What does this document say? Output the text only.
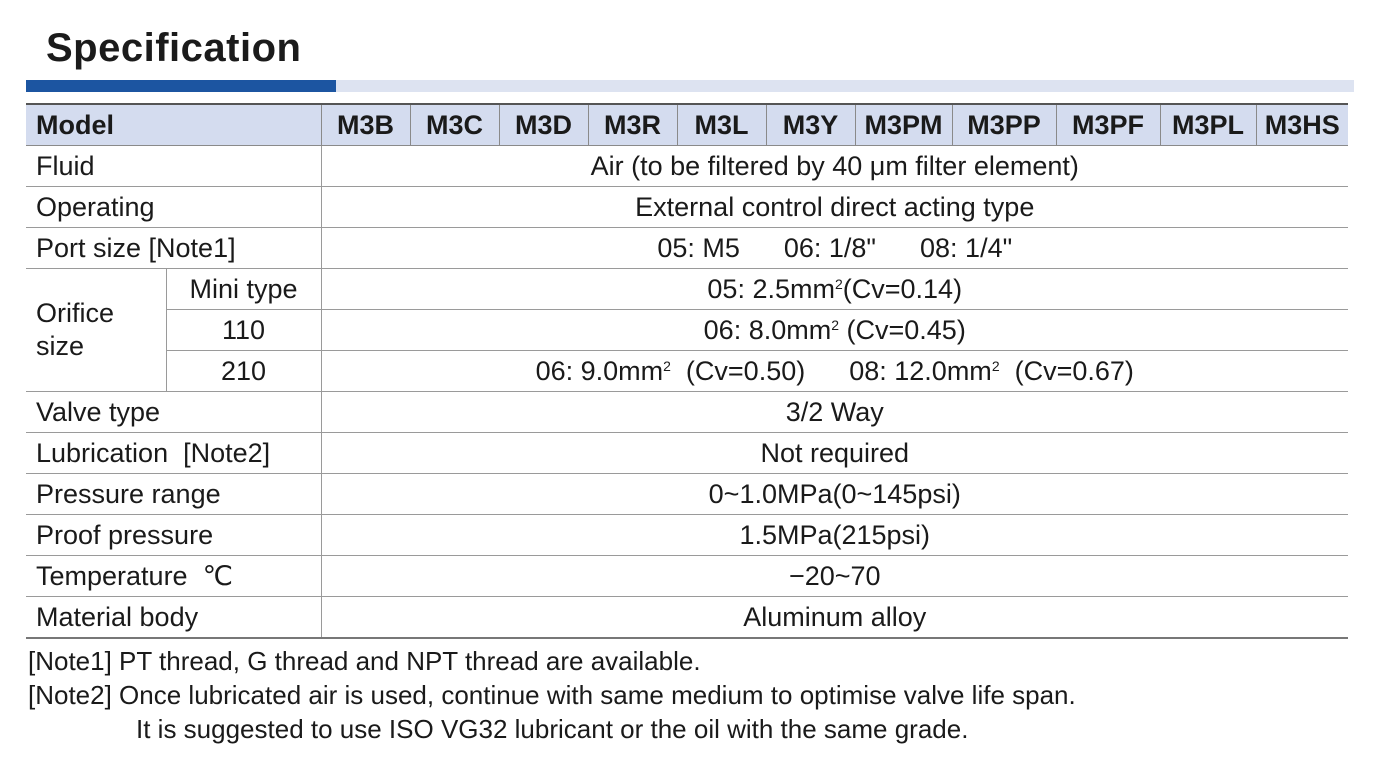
Specification
Model		M3B	M3C	M3D	M3R	M3L	M3Y	M3PM	M3PP	M3PF	M3PL	M3HS
Fluid		Air (to be filtered by 40 μm filter element)										
Operating		External control direct acting type										
Port size [Note1]		05: M5 06: 1/8" 08: 1/4"										
Orifice size	Mini type	05: $2.5mm^2(Cv=0.14)$										
	110	06: $8.0mm^2$ (Cv=0.45)										
	210	06: $9.0mm^2$  (Cv=0.50) 08: $12.0mm^2$  (Cv=0.67)										
Valve type		3/2 Way										
Lubrication  [Note2]		Not required										
Pressure range		0~1.0MPa(0~145psi)										
Proof pressure		1.5MPa(215psi)										
Temperature  ℃		−20~70										
Material body		Aluminum alloy										
[Note1] PT thread, G thread and NPT thread are available.
[Note2] Once lubricated air is used, continue with same medium to optimise valve life span.
It is suggested to use ISO VG32 lubricant or the oil with the same grade.
